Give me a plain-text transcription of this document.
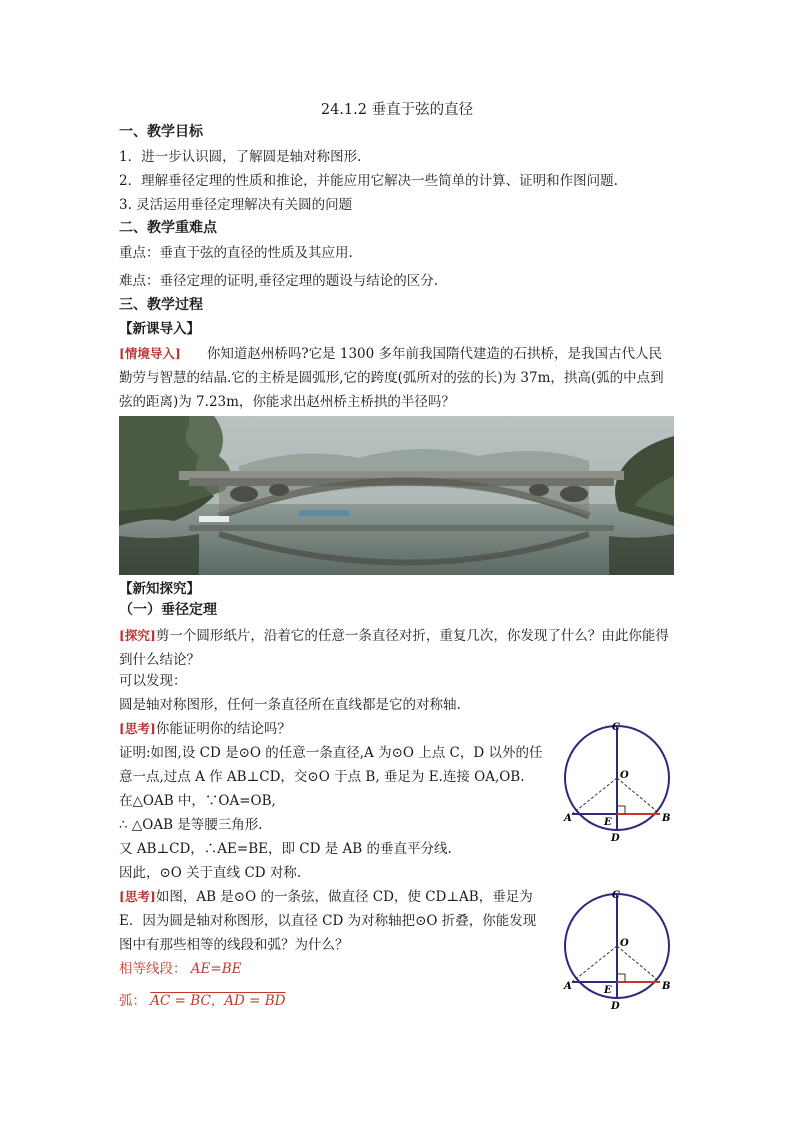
24.1.2 垂直于弦的直径
一、教学目标
1．进一步认识圆，了解圆是轴对称图形.
2．理解垂径定理的性质和推论，并能应用它解决一些简单的计算、证明和作图问题.
3. 灵活运用垂径定理解决有关圆的问题
二、教学重难点
重点：垂直于弦的直径的性质及其应用.
难点：垂径定理的证明,垂径定理的题设与结论的区分.
三、教学过程
【新课导入】
[情境导入] 你知道赵州桥吗?它是 1300 多年前我国隋代建造的石拱桥，是我国古代人民勤劳与智慧的结晶.它的主桥是圆弧形,它的跨度(弧所对的弦的长)为 37m，拱高(弧的中点到弦的距离)为 7.23m，你能求出赵州桥主桥拱的半径吗？
【新知探究】
（一）垂径定理
[探究]剪一个圆形纸片，沿着它的任意一条直径对折，重复几次，你发现了什么？由此你能得到什么结论？
可以发现：
圆是轴对称图形，任何一条直径所在直线都是它的对称轴.
[思考]你能证明你的结论吗？
证明:如图,设 CD 是⊙O 的任意一条直径,A 为⊙O 上点 C，D 以外的任
意一点,过点 A 作 AB⊥CD，交⊙O 于点 B, 垂足为 E.连接 OA,OB.
在△OAB 中，∵OA=OB,
∴ △OAB 是等腰三角形.
又 AB⊥CD，∴AE=BE，即 CD 是 AB 的垂直平分线.
因此，⊙O 关于直线 CD 对称.
[思考]如图，AB 是⊙O 的一条弦，做直径 CD，使 CD⊥AB，垂足为
E．因为圆是轴对称图形，以直径 CD 为对称轴把⊙O 折叠，你能发现
图中有那些相等的线段和弧？为什么？
相等线段： AE=BE
弧： AC = BC，AD = BD
C
O
A	E	B
D
C
O
A	E	B
D
